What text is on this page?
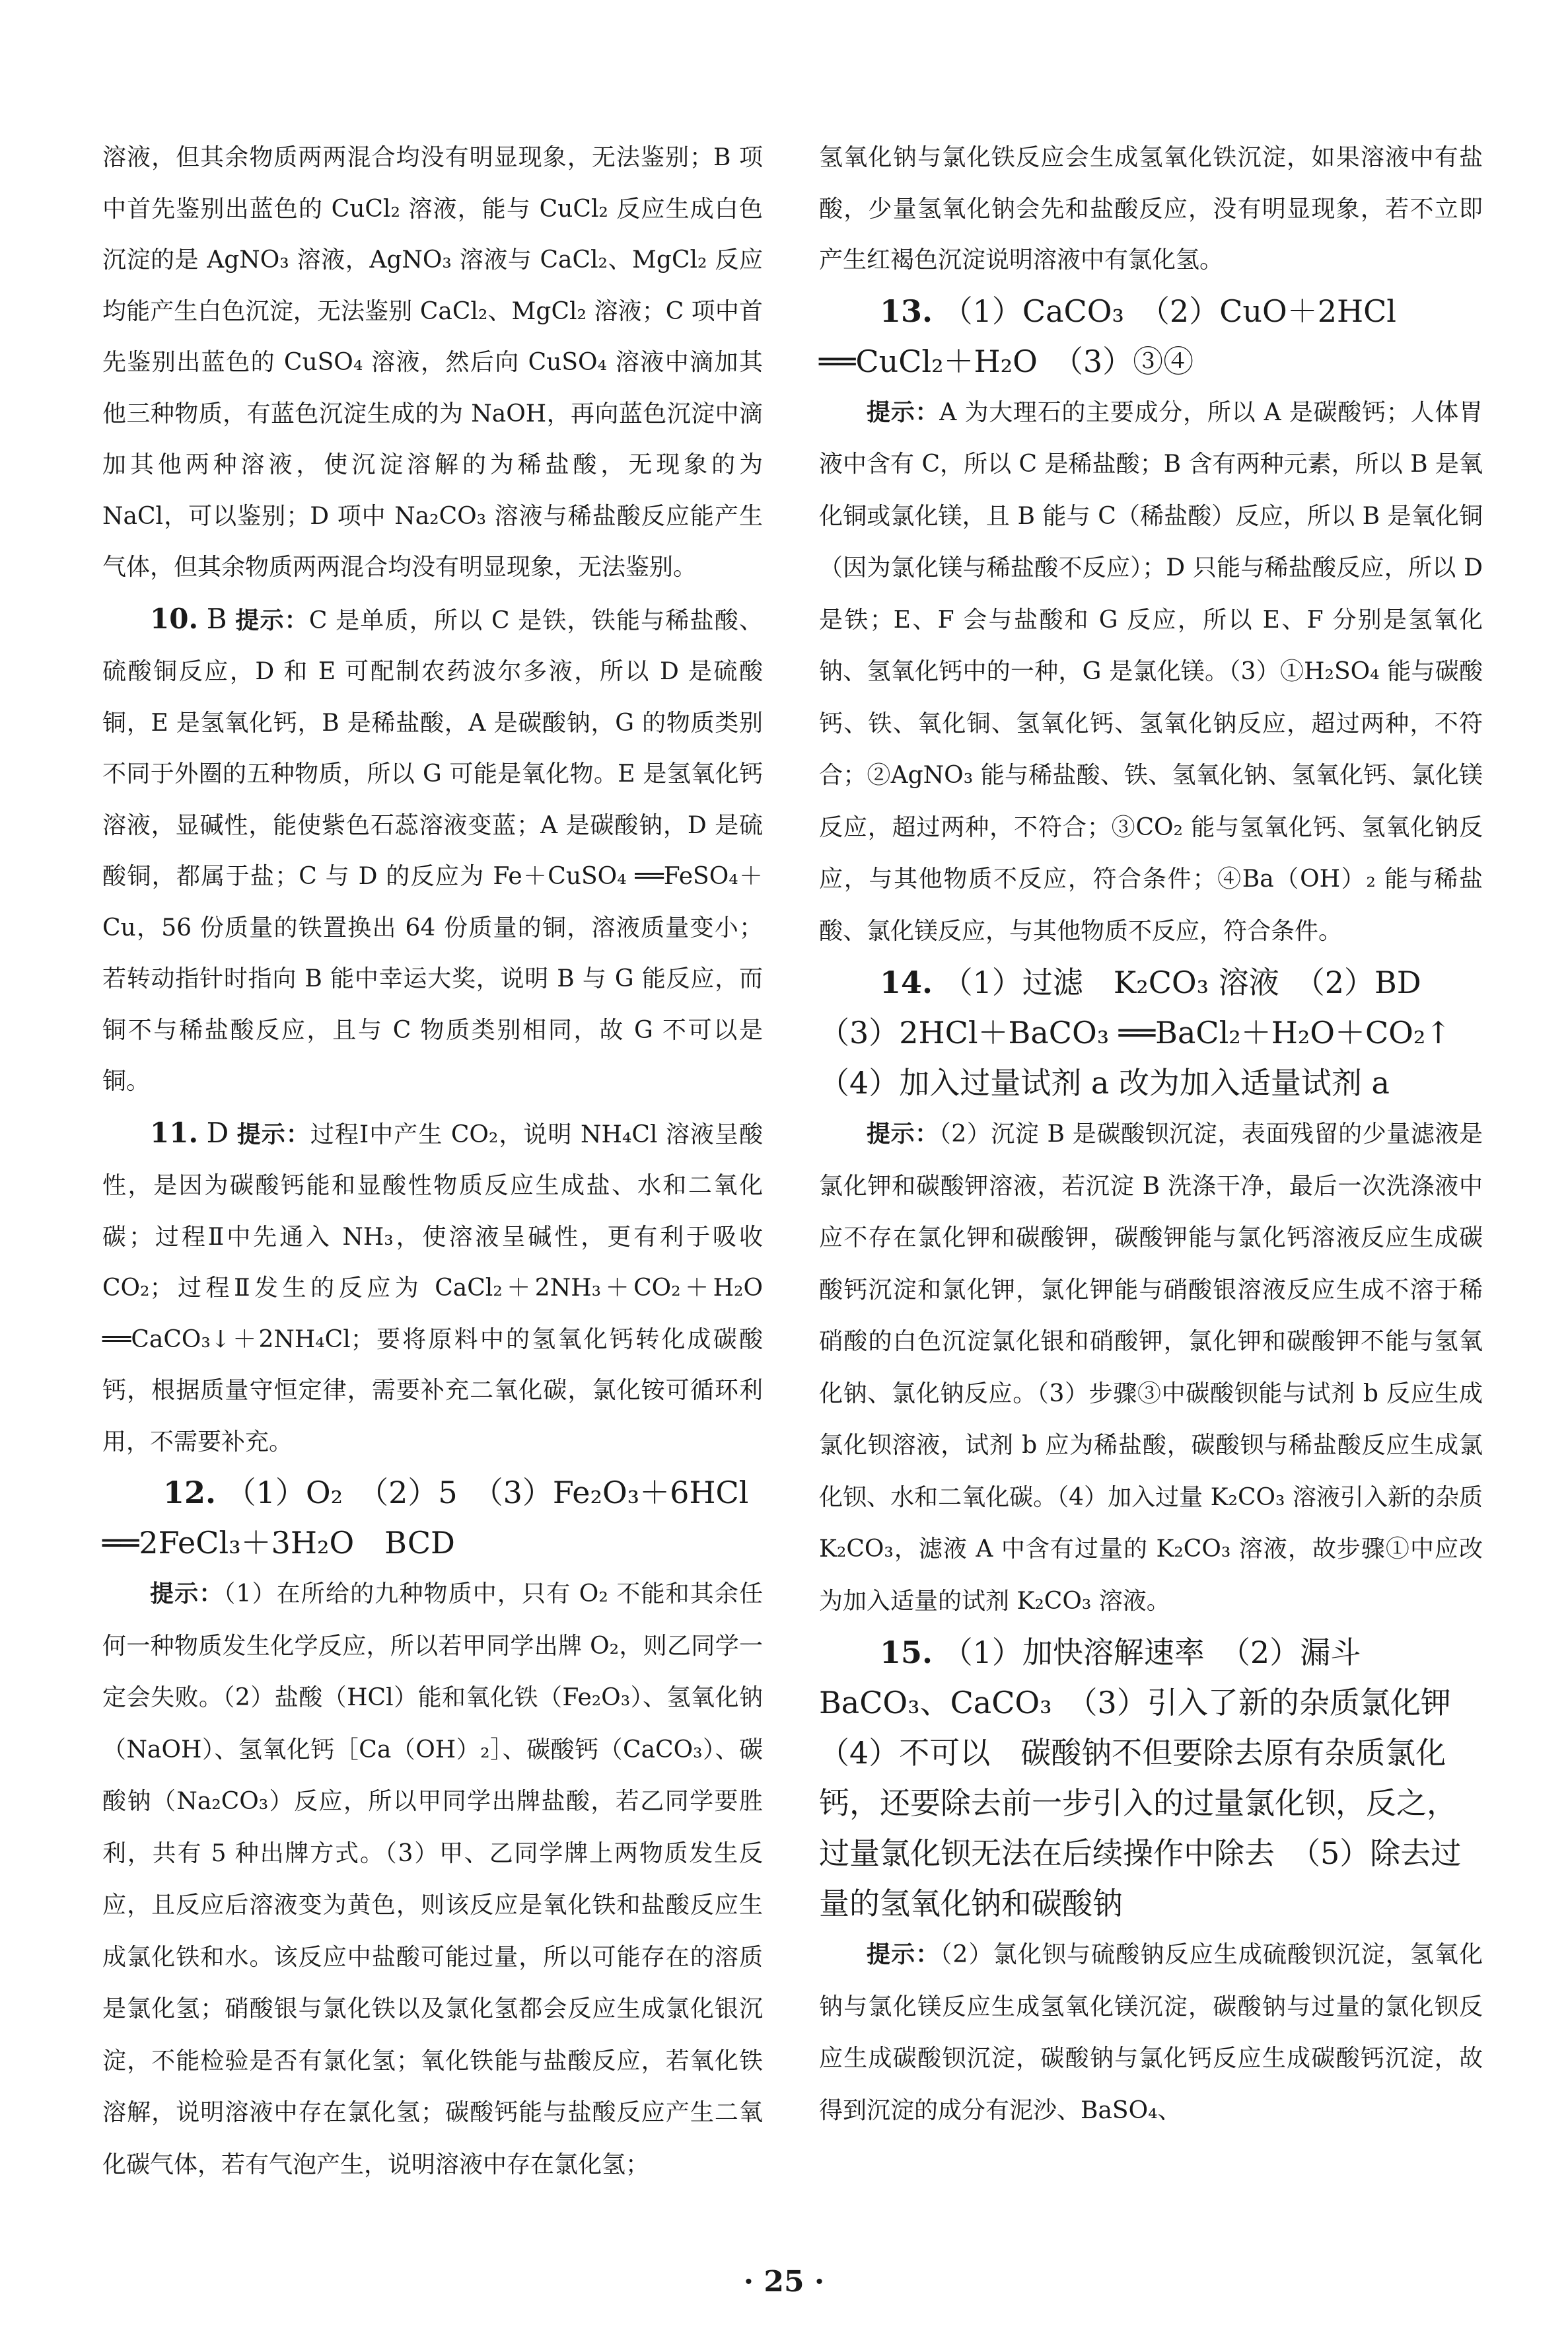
溶液，但其余物质两两混合均没有明显现象，无法鉴别；B 项中首先鉴别出蓝色的 CuCl₂ 溶液，能与 CuCl₂ 反应生成白色沉淀的是 AgNO₃ 溶液，AgNO₃ 溶液与 CaCl₂、MgCl₂ 反应均能产生白色沉淀，无法鉴别 CaCl₂、MgCl₂ 溶液；C 项中首先鉴别出蓝色的 CuSO₄ 溶液，然后向 CuSO₄ 溶液中滴加其他三种物质，有蓝色沉淀生成的为 NaOH，再向蓝色沉淀中滴加其他两种溶液，使沉淀溶解的为稀盐酸，无现象的为 NaCl，可以鉴别；D 项中 Na₂CO₃ 溶液与稀盐酸反应能产生气体，但其余物质两两混合均没有明显现象，无法鉴别。

10. B 提示：C 是单质，所以 C 是铁，铁能与稀盐酸、硫酸铜反应，D 和 E 可配制农药波尔多液，所以 D 是硫酸铜，E 是氢氧化钙，B 是稀盐酸，A 是碳酸钠，G 的物质类别不同于外圈的五种物质，所以 G 可能是氧化物。E 是氢氧化钙溶液，显碱性，能使紫色石蕊溶液变蓝；A 是碳酸钠，D 是硫酸铜，都属于盐；C 与 D 的反应为 Fe＋CuSO₄ ══FeSO₄＋Cu，56 份质量的铁置换出 64 份质量的铜，溶液质量变小；若转动指针时指向 B 能中幸运大奖，说明 B 与 G 能反应，而铜不与稀盐酸反应，且与 C 物质类别相同，故 G 不可以是铜。

11. D 提示：过程Ⅰ中产生 CO₂，说明 NH₄Cl 溶液呈酸性，是因为碳酸钙能和显酸性物质反应生成盐、水和二氧化碳；过程Ⅱ中先通入 NH₃，使溶液呈碱性，更有利于吸收 CO₂；过程Ⅱ发生的反应为 CaCl₂＋2NH₃＋CO₂＋H₂O ══CaCO₃↓＋2NH₄Cl；要将原料中的氢氧化钙转化成碳酸钙，根据质量守恒定律，需要补充二氧化碳，氯化铵可循环利用，不需要补充。

12. （1）O₂　（2）5　（3）Fe₂O₃＋6HCl ══2FeCl₃＋3H₂O　BCD

提示：（1）在所给的九种物质中，只有 O₂ 不能和其余任何一种物质发生化学反应，所以若甲同学出牌 O₂，则乙同学一定会失败。（2）盐酸（HCl）能和氧化铁（Fe₂O₃）、氢氧化钠（NaOH）、氢氧化钙［Ca（OH）₂］、碳酸钙（CaCO₃）、碳酸钠（Na₂CO₃）反应，所以甲同学出牌盐酸，若乙同学要胜利，共有 5 种出牌方式。（3）甲、乙同学牌上两物质发生反应，且反应后溶液变为黄色，则该反应是氧化铁和盐酸反应生成氯化铁和水。该反应中盐酸可能过量，所以可能存在的溶质是氯化氢；硝酸银与氯化铁以及氯化氢都会反应生成氯化银沉淀，不能检验是否有氯化氢；氧化铁能与盐酸反应，若氧化铁溶解，说明溶液中存在氯化氢；碳酸钙能与盐酸反应产生二氧化碳气体，若有气泡产生，说明溶液中存在氯化氢；

氢氧化钠与氯化铁反应会生成氢氧化铁沉淀，如果溶液中有盐酸，少量氢氧化钠会先和盐酸反应，没有明显现象，若不立即产生红褐色沉淀说明溶液中有氯化氢。

13. （1）CaCO₃　（2）CuO＋2HCl ══CuCl₂＋H₂O　（3）③④

提示：A 为大理石的主要成分，所以 A 是碳酸钙；人体胃液中含有 C，所以 C 是稀盐酸；B 含有两种元素，所以 B 是氧化铜或氯化镁，且 B 能与 C（稀盐酸）反应，所以 B 是氧化铜（因为氯化镁与稀盐酸不反应）；D 只能与稀盐酸反应，所以 D 是铁；E、F 会与盐酸和 G 反应，所以 E、F 分别是氢氧化钠、氢氧化钙中的一种，G 是氯化镁。（3）①H₂SO₄ 能与碳酸钙、铁、氧化铜、氢氧化钙、氢氧化钠反应，超过两种，不符合；②AgNO₃ 能与稀盐酸、铁、氢氧化钠、氢氧化钙、氯化镁反应，超过两种，不符合；③CO₂ 能与氢氧化钙、氢氧化钠反应，与其他物质不反应，符合条件；④Ba（OH）₂ 能与稀盐酸、氯化镁反应，与其他物质不反应，符合条件。

14. （1）过滤　K₂CO₃ 溶液　（2）BD　（3）2HCl＋BaCO₃ ══BaCl₂＋H₂O＋CO₂↑　（4）加入过量试剂 a 改为加入适量试剂 a

提示：（2）沉淀 B 是碳酸钡沉淀，表面残留的少量滤液是氯化钾和碳酸钾溶液，若沉淀 B 洗涤干净，最后一次洗涤液中应不存在氯化钾和碳酸钾，碳酸钾能与氯化钙溶液反应生成碳酸钙沉淀和氯化钾，氯化钾能与硝酸银溶液反应生成不溶于稀硝酸的白色沉淀氯化银和硝酸钾，氯化钾和碳酸钾不能与氢氧化钠、氯化钠反应。（3）步骤③中碳酸钡能与试剂 b 反应生成氯化钡溶液，试剂 b 应为稀盐酸，碳酸钡与稀盐酸反应生成氯化钡、水和二氧化碳。（4）加入过量 K₂CO₃ 溶液引入新的杂质 K₂CO₃，滤液 A 中含有过量的 K₂CO₃ 溶液，故步骤①中应改为加入适量的试剂 K₂CO₃ 溶液。

15. （1）加快溶解速率　（2）漏斗　BaCO₃、CaCO₃　（3）引入了新的杂质氯化钾　（4）不可以　碳酸钠不但要除去原有杂质氯化钙，还要除去前一步引入的过量氯化钡，反之，过量氯化钡无法在后续操作中除去　（5）除去过量的氢氧化钠和碳酸钠

提示：（2）氯化钡与硫酸钠反应生成硫酸钡沉淀，氢氧化钠与氯化镁反应生成氢氧化镁沉淀，碳酸钠与过量的氯化钡反应生成碳酸钡沉淀，碳酸钠与氯化钙反应生成碳酸钙沉淀，故得到沉淀的成分有泥沙、BaSO₄、

· 25 ·
